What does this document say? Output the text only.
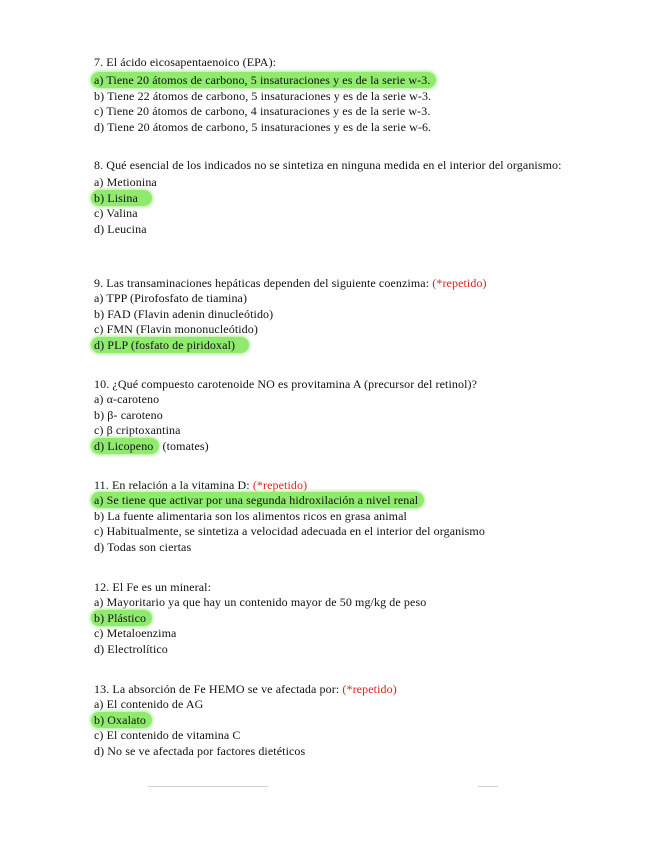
7. El ácido eicosapentaenoico (EPA):

a) Tiene 20 átomos de carbono, 5 insaturaciones y es de la serie w-3.

b) Tiene 22 átomos de carbono, 5 insaturaciones y es de la serie w-3.

c) Tiene 20 átomos de carbono, 4 insaturaciones y es de la serie w-3.

d) Tiene 20 átomos de carbono, 5 insaturaciones y es de la serie w-6.

8. Qué esencial de los indicados no se sintetiza en ninguna medida en el interior del organismo:

a) Metionina

b) Lisina

c) Valina

d) Leucina

9. Las transaminaciones hepáticas dependen del siguiente coenzima: (*repetido)

a) TPP (Pirofosfato de tiamina)

b) FAD (Flavin adenin dinucleótido)

c) FMN (Flavin mononucleótido)

d) PLP (fosfato de piridoxal)

10. ¿Qué compuesto carotenoide NO es provitamina A (precursor del retinol)?

a) α-caroteno

b) β- caroteno

c) β criptoxantina

d) Licopeno (tomates)

11. En relación a la vitamina D: (*repetido)

a) Se tiene que activar por una segunda hidroxilación a nivel renal

b) La fuente alimentaria son los alimentos ricos en grasa animal

c) Habitualmente, se sintetiza a velocidad adecuada en el interior del organismo

d) Todas son ciertas

12. El Fe es un mineral:

a) Mayoritario ya que hay un contenido mayor de 50 mg/kg de peso

b) Plástico

c) Metaloenzima

d) Electrolítico

13. La absorción de Fe HEMO se ve afectada por: (*repetido)

a) El contenido de AG

b) Oxalato

c) El contenido de vitamina C

d) No se ve afectada por factores dietéticos
